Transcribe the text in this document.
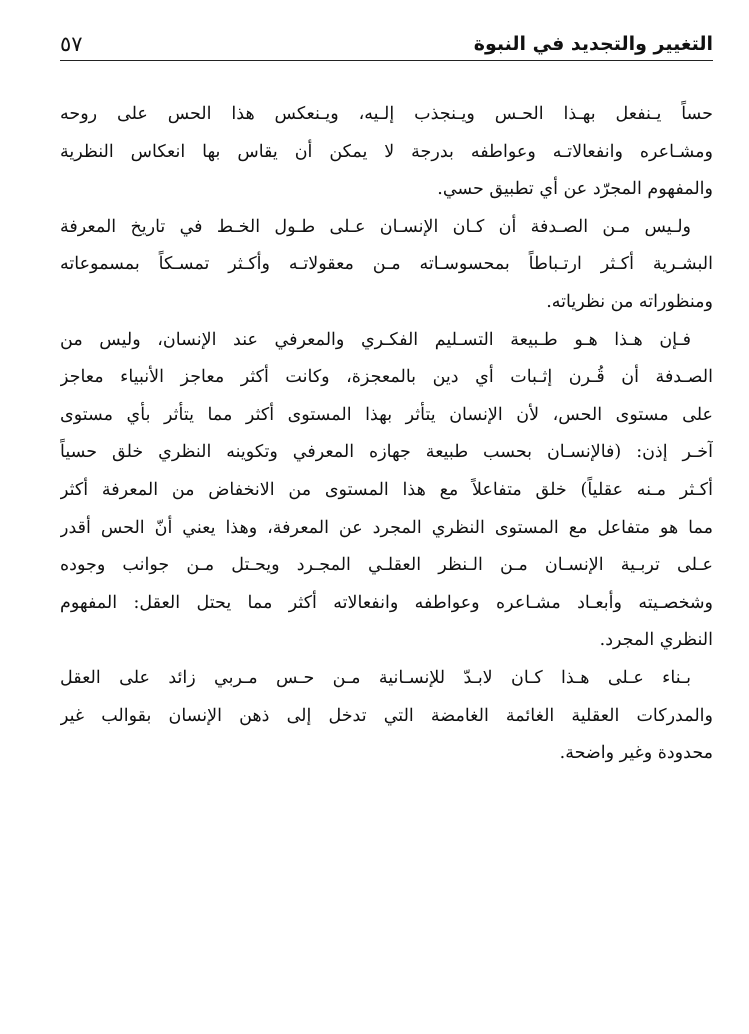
التغيير والتجديد في النبوة
٥٧
حساً يـنفعل بهـذا الحـس ويـنجذب إلـيه، ويـنعكس هذا الحس على روحه
ومشـاعره وانفعالاتـه وعواطفه بدرجة لا يمكن أن يقاس بها انعكاس النظرية
والمفهوم المجرّد عن أي تطبيق حسي.
ولـيس مـن الصـدفة أن كـان الإنسـان عـلى طـول الخـط في تاريخ المعرفة
البشـرية أكـثر ارتـباطاً بمحسوسـاته مـن معقولاتـه وأكـثر تمسـكاً بمسموعاته
ومنظوراته من نظرياته.
فـإن هـذا هـو طـبيعة التسـليم الفكـري والمعرفي عند الإنسان، وليس من
الصـدفة أن قُـرن إثـبات أي دين بالمعجزة، وكانت أكثر معاجز الأنبياء معاجز
على مستوى الحس، لأن الإنسان يتأثر بهذا المستوى أكثر مما يتأثر بأي مستوى
آخـر إذن: (فالإنسـان بحسب طبيعة جهازه المعرفي وتكوينه النظري خلق حسياً
أكـثر مـنه عقلياً) خلق متفاعلاً مع هذا المستوى من الانخفاض من المعرفة أكثر
مما هو متفاعل مع المستوى النظري المجرد عن المعرفة، وهذا يعني أنّ الحس أقدر
عـلى تربـية الإنسـان مـن الـنظر العقلـي المجـرد ويحـتل مـن جوانب وجوده
وشخصـيته وأبعـاد مشـاعره وعواطفه وانفعالاته أكثر مما يحتل العقل: المفهوم
النظري المجرد.
بـناء عـلى هـذا كـان لابـدّ للإنسـانية مـن حـس مـربي زائد على العقل
والمدركات العقلية الغائمة الغامضة التي تدخل إلى ذهن الإنسان بقوالب غير
محدودة وغير واضحة.
